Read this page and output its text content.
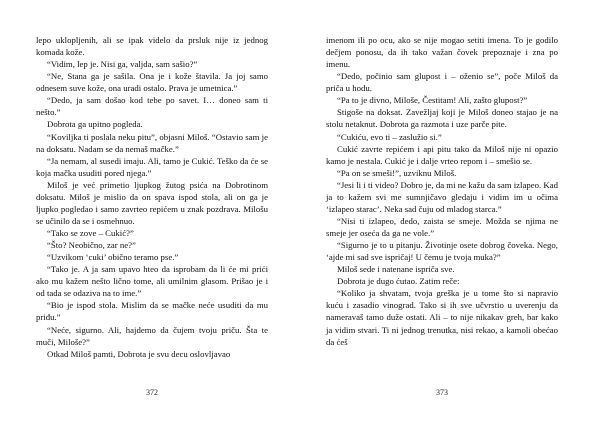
lepo uklopljenih, ali se ipak videlo da prsluk nije iz jednog komada kože.

“Vidim, lep je. Nisi ga, valjda, sam sašio?”

“Ne, Stana ga je sašila. Ona je i kože štavila. Ja joj samo odnesem suve kože, ona uradi ostalo. Prava je umetnica.”

“Dedo, ja sam došao kod tebe po savet. I… doneo sam ti nešto.”

Dobrota ga upitno pogleda.

“Koviljka ti poslala neku pitu”, objasni Miloš. “Ostavio sam je na doksatu. Nadam se da nemaš mačke.”

“Ja nemam, al susedi imaju. Ali, tamo je Cukić. Teško da će se koja mačka usuditi pored njega.”

Miloš je već primetio ljupkog žutog psića na Dobrotinom doksatu. Miloš je mislio da on spava ispod stola, ali on ga je ljupko pogledao i samo zavrteo repićem u znak pozdrava. Milošu se učinilo da se i osmehnuo.

“Tako se zove – Cukić?”

“Što? Neobično, zar ne?”

“Uzvikom ‘cuki’ obično teramo pse.”

“Tako je. A ja sam upavo hteo da isprobam da li će mi prići ako mu kažem nešto lično tome, ali umilnim glasom. Prišao je i od tada se odaziva na to ime.”

“Bio je ispod stola. Mislim da se mačke neće usuditi da mu priđu.”

“Neće, sigurno. Ali, hajdemo da čujem tvoju priču. Šta te muči, Miloše?”

Otkad Miloš pamti, Dobrota je svu decu oslovljavao

372

imenom ili po ocu, ako se nije mogao setiti imena. To je godilo dečjem ponosu, da ih tako važan čovek prepoznaje i zna po imenu.

“Dedo, počinio sam glupost i – oženio se”, poče Miloš da priča u hodu.

“Pa to je divno, Miloše, Čestitam! Ali, zašto glupost?”

Stigoše na doksat. Zavežljaj koji je Miloš doneo stajao je na stolu netaknut. Dobrota ga razmota i uze parče pite.

“Cukiću, evo ti – zaslužio si.”

Cukić zavrte repićem i api pitu tako da Miloš nije ni opazio kamo je nestala. Cukić je i dalje vrteo repom i – smešio se.

“Pa on se smeši!”, uzviknu Miloš.

“Jesi li i ti video? Dobro je, da mi ne kažu da sam izlapeo. Kad ja to kažem svi me sumnjičavo gledaju i vidim im u očima ‘izlapeo starac’. Neka sad čuju od mladog starca.”

“Nisi ti izlapeo, dedo, zaista se smeje. Možda se njima ne smeje jer oseća da ga ne vole.”

“Sigurno je to u pitanju. Životinje osete dobrog čoveka. Nego, ‘ajde mi sad sve ispričaj! U čemu je tvoja muka?”

Miloš sede i natenane ispriča sve.

Dobrota je dugo ćutao. Zatim reče:

“Koliko ja shvatam, tvoja greška je u tome što si napravio kuću i zasadio vinograd. Tako si ih sve učvrstio u uverenju da nameravaš tamo duže ostati. Ali – to nije nikakav greh, bar kako ja vidim stvari. Ti ni jednog trenutka, nisi rekao, a kamoli obećao da ćeš

373
